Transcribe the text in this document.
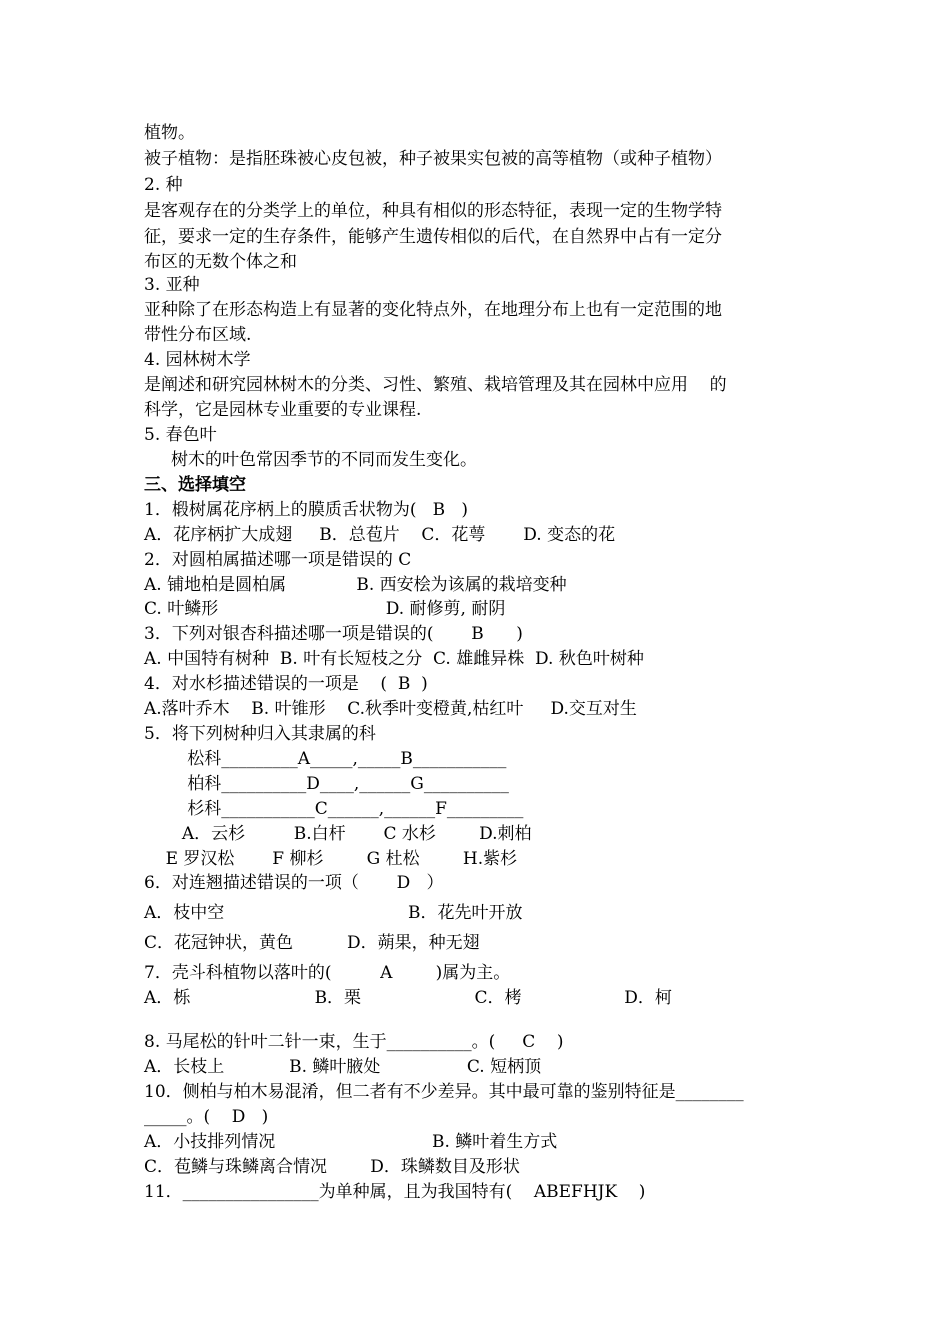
植物。
被子植物：是指胚珠被心皮包被，种子被果实包被的高等植物（或种子植物）
2. 种
是客观存在的分类学上的单位，种具有相似的形态特征，表现一定的生物学特
征，要求一定的生存条件，能够产生遗传相似的后代，在自然界中占有一定分
布区的无数个体之和
3. 亚种
亚种除了在形态构造上有显著的变化特点外，在地理分布上也有一定范围的地
带性分布区域.
4. 园林树木学
是阐述和研究园林树木的分类、习性、繁殖、栽培管理及其在园林中应用    的
科学，它是园林专业重要的专业课程.
5. 春色叶
树木的叶色常因季节的不同而发生变化。
三、选择填空
1．椴树属花序柄上的膜质舌状物为(   B   )
A．花序柄扩大成翅     B．总苞片    C．花萼       D. 变态的花
2．对圆柏属描述哪一项是错误的 C
A. 铺地柏是圆柏属             B. 西安桧为该属的栽培变种
C. 叶鳞形                               D. 耐修剪, 耐阴
3．下列对银杏科描述哪一项是错误的(       B      )
A. 中国特有树种  B. 叶有长短枝之分  C. 雄雌异株  D. 秋色叶树种
4．对水杉描述错误的一项是    (  B  )
A.落叶乔木    B. 叶锥形    C.秋季叶变橙黄,枯红叶     D.交互对生
5．将下列树种归入其隶属的科
松科_________A_____,_____B___________
柏科__________D____,______G__________
杉科___________C______,______F_________
A．云杉         B.白杆       C 水杉        D.刺柏
E 罗汉松       F 柳杉        G 杜松        H.紫杉
6．对连翘描述错误的一项（       D   ）
A．枝中空                                  B．花先叶开放
C．花冠钟状，黄色          D．蒴果，种无翅
7．壳斗科植物以落叶的(         A        )属为主。
A．栎                       B．栗                     C．栲                   D．柯
8. 马尾松的针叶二针一束，生于__________。(     C    )
A．长枝上            B. 鳞叶腋处                C. 短柄顶
10．侧柏与柏木易混淆，但二者有不少差异。其中最可靠的鉴别特征是________
_____。(    D   )
A．小技排列情况                             B. 鳞叶着生方式
C．苞鳞与珠鳞离合情况        D．珠鳞数目及形状
11．________________为单种属，且为我国特有(    ABEFHJK    )
